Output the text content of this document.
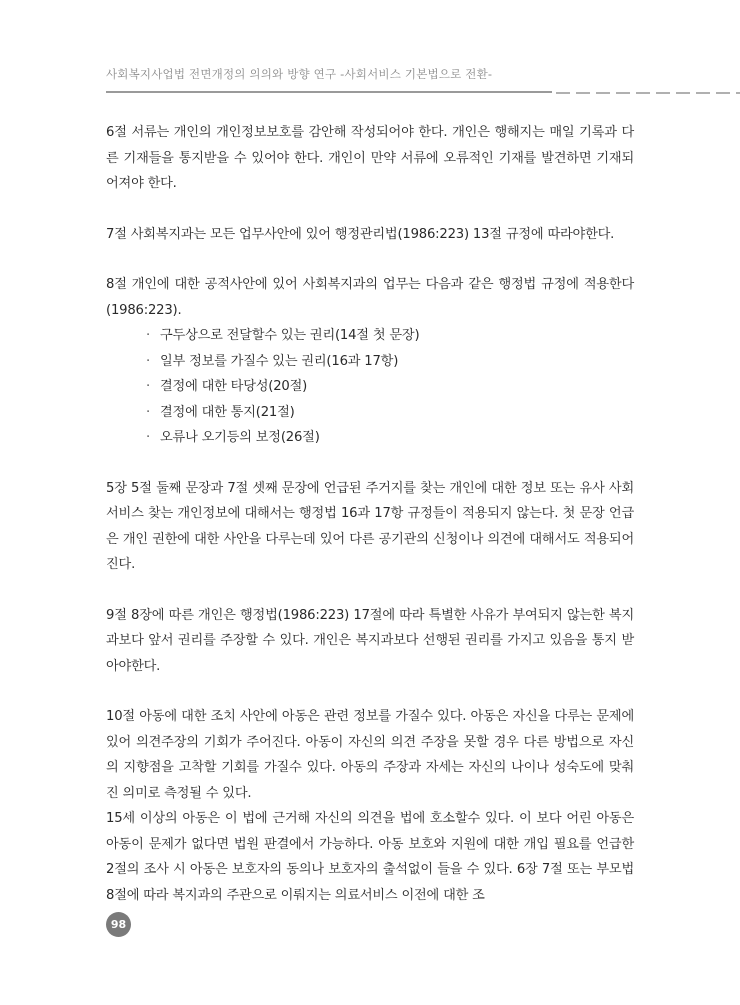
사회복지사업법 전면개정의 의의와 방향 연구 -사회서비스 기본법으로 전환-

6절 서류는 개인의 개인정보보호를 감안해 작성되어야 한다. 개인은 행해지는 매일 기록과 다른 기재들을 통지받을 수 있어야 한다. 개인이 만약 서류에 오류적인 기재를 발견하면 기재되어져야 한다.

7절 사회복지과는 모든 업무사안에 있어 행정관리법(1986:223) 13절 규정에 따라야한다.

8절 개인에 대한 공적사안에 있어 사회복지과의 업무는 다음과 같은 행정법 규정에 적용한다(1986:223).

· 구두상으로 전달할수 있는 권리(14절 첫 문장)
· 일부 정보를 가질수 있는 권리(16과 17항)
· 결정에 대한 타당성(20절)
· 결정에 대한 통지(21절)
· 오류나 오기등의 보정(26절)

5장 5절 둘째 문장과 7절 셋째 문장에 언급된 주거지를 찾는 개인에 대한 정보 또는 유사 사회서비스 찾는 개인정보에 대해서는 행정법 16과 17항 규정들이 적용되지 않는다. 첫 문장 언급은 개인 권한에 대한 사안을 다루는데 있어 다른 공기관의 신청이나 의견에 대해서도 적용되어진다.

9절 8장에 따른 개인은 행정법(1986:223) 17절에 따라 특별한 사유가 부여되지 않는한 복지과보다 앞서 권리를 주장할 수 있다. 개인은 복지과보다 선행된 권리를 가지고 있음을 통지 받아야한다.

10절 아동에 대한 조치 사안에 아동은 관련 정보를 가질수 있다. 아동은 자신을 다루는 문제에 있어 의견주장의 기회가 주어진다. 아동이 자신의 의견 주장을 못할 경우 다른 방법으로 자신의 지향점을 고착할 기회를 가질수 있다. 아동의 주장과 자세는 자신의 나이나 성숙도에 맞춰진 의미로 측정될 수 있다.

15세 이상의 아동은 이 법에 근거해 자신의 의견을 법에 호소할수 있다. 이 보다 어린 아동은 아동이 문제가 없다면 법원 판결에서 가능하다. 아동 보호와 지원에 대한 개입 필요를 언급한 2절의 조사 시 아동은 보호자의 동의나 보호자의 출석없이 들을 수 있다. 6장 7절 또는 부모법 8절에 따라 복지과의 주관으로 이뤄지는 의료서비스 이전에 대한 조

98
